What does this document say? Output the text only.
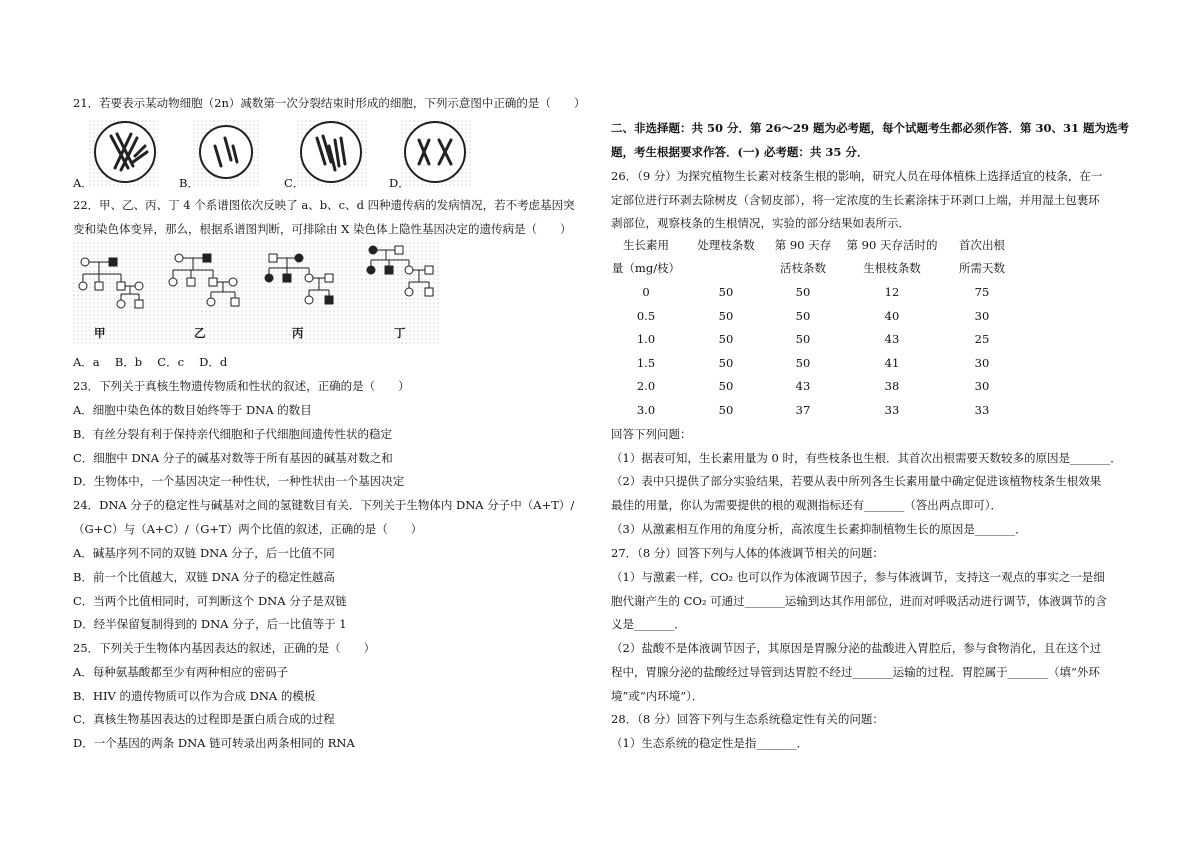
21．若要表示某动物细胞（2n）减数第一次分裂结束时形成的细胞，下列示意图中正确的是（　　）
A．	B．	C．	D．
22．甲、乙、丙、丁 4 个系谱图依次反映了 a、b、c、d 四种遗传病的发病情况，若不考虑基因突
变和染色体变异，那么，根据系谱图判断，可排除由 X 染色体上隐性基因决定的遗传病是（　　）
甲	乙	丙	丁
A．a　 B．b　 C．c　 D．d
23．下列关于真核生物遗传物质和性状的叙述，正确的是（　　）
A．细胞中染色体的数目始终等于 DNA 的数目
B．有丝分裂有利于保持亲代细胞和子代细胞间遗传性状的稳定
C．细胞中 DNA 分子的碱基对数等于所有基因的碱基对数之和
D．生物体中，一个基因决定一种性状，一种性状由一个基因决定
24．DNA 分子的稳定性与碱基对之间的氢键数目有关．下列关于生物体内 DNA 分子中（A+T）/
（G+C）与（A+C）/（G+T）两个比值的叙述，正确的是（　　）
A．碱基序列不同的双链 DNA 分子，后一比值不同
B．前一个比值越大，双链 DNA 分子的稳定性越高
C．当两个比值相同时，可判断这个 DNA 分子是双链
D．经半保留复制得到的 DNA 分子，后一比值等于 1
25．下列关于生物体内基因表达的叙述，正确的是（　　）
A．每种氨基酸都至少有两种相应的密码子
B．HIV 的遗传物质可以作为合成 DNA 的模板
C．真核生物基因表达的过程即是蛋白质合成的过程
D．一个基因的两条 DNA 链可转录出两条相同的 RNA
二、非选择题：共 50 分．第 26～29 题为必考题，每个试题考生都必须作答．第 30、31 题为选考
题，考生根据要求作答．(一) 必考题：共 35 分．
26．（9 分）为探究植物生长素对枝条生根的影响，研究人员在母体植株上选择适宜的枝条，在一
定部位进行环剥去除树皮（含韧皮部），将一定浓度的生长素涂抹于环剥口上端，并用湿土包裹环
剥部位，观察枝条的生根情况，实验的部分结果如表所示．
生长素用	处理枝条数	第 90 天存	第 90 天存活时的	首次出根
量（mg/枝）		活枝条数	生根枝条数	所需天数
0	50	50	12	75
0.5	50	50	40	30
1.0	50	50	43	25
1.5	50	50	41	30
2.0	50	43	38	30
3.0	50	37	33	33
回答下列问题：
（1）据表可知，生长素用量为 0 时，有些枝条也生根．其首次出根需要天数较多的原因是_______．
（2）表中只提供了部分实验结果，若要从表中所列各生长素用量中确定促进该植物枝条生根效果
最佳的用量，你认为需要提供的根的观测指标还有_______（答出两点即可）．
（3）从激素相互作用的角度分析，高浓度生长素抑制植物生长的原因是_______．
27．（8 分）回答下列与人体的体液调节相关的问题：
（1）与激素一样，CO₂ 也可以作为体液调节因子，参与体液调节，支持这一观点的事实之一是细
胞代谢产生的 CO₂ 可通过_______运输到达其作用部位，进而对呼吸活动进行调节，体液调节的含
义是_______．
（2）盐酸不是体液调节因子，其原因是胃腺分泌的盐酸进入胃腔后，参与食物消化，且在这个过
程中，胃腺分泌的盐酸经过导管到达胃腔不经过_______运输的过程．胃腔属于_______（填“外环
境”或“内环境”）．
28．（8 分）回答下列与生态系统稳定性有关的问题：
（1）生态系统的稳定性是指_______．
